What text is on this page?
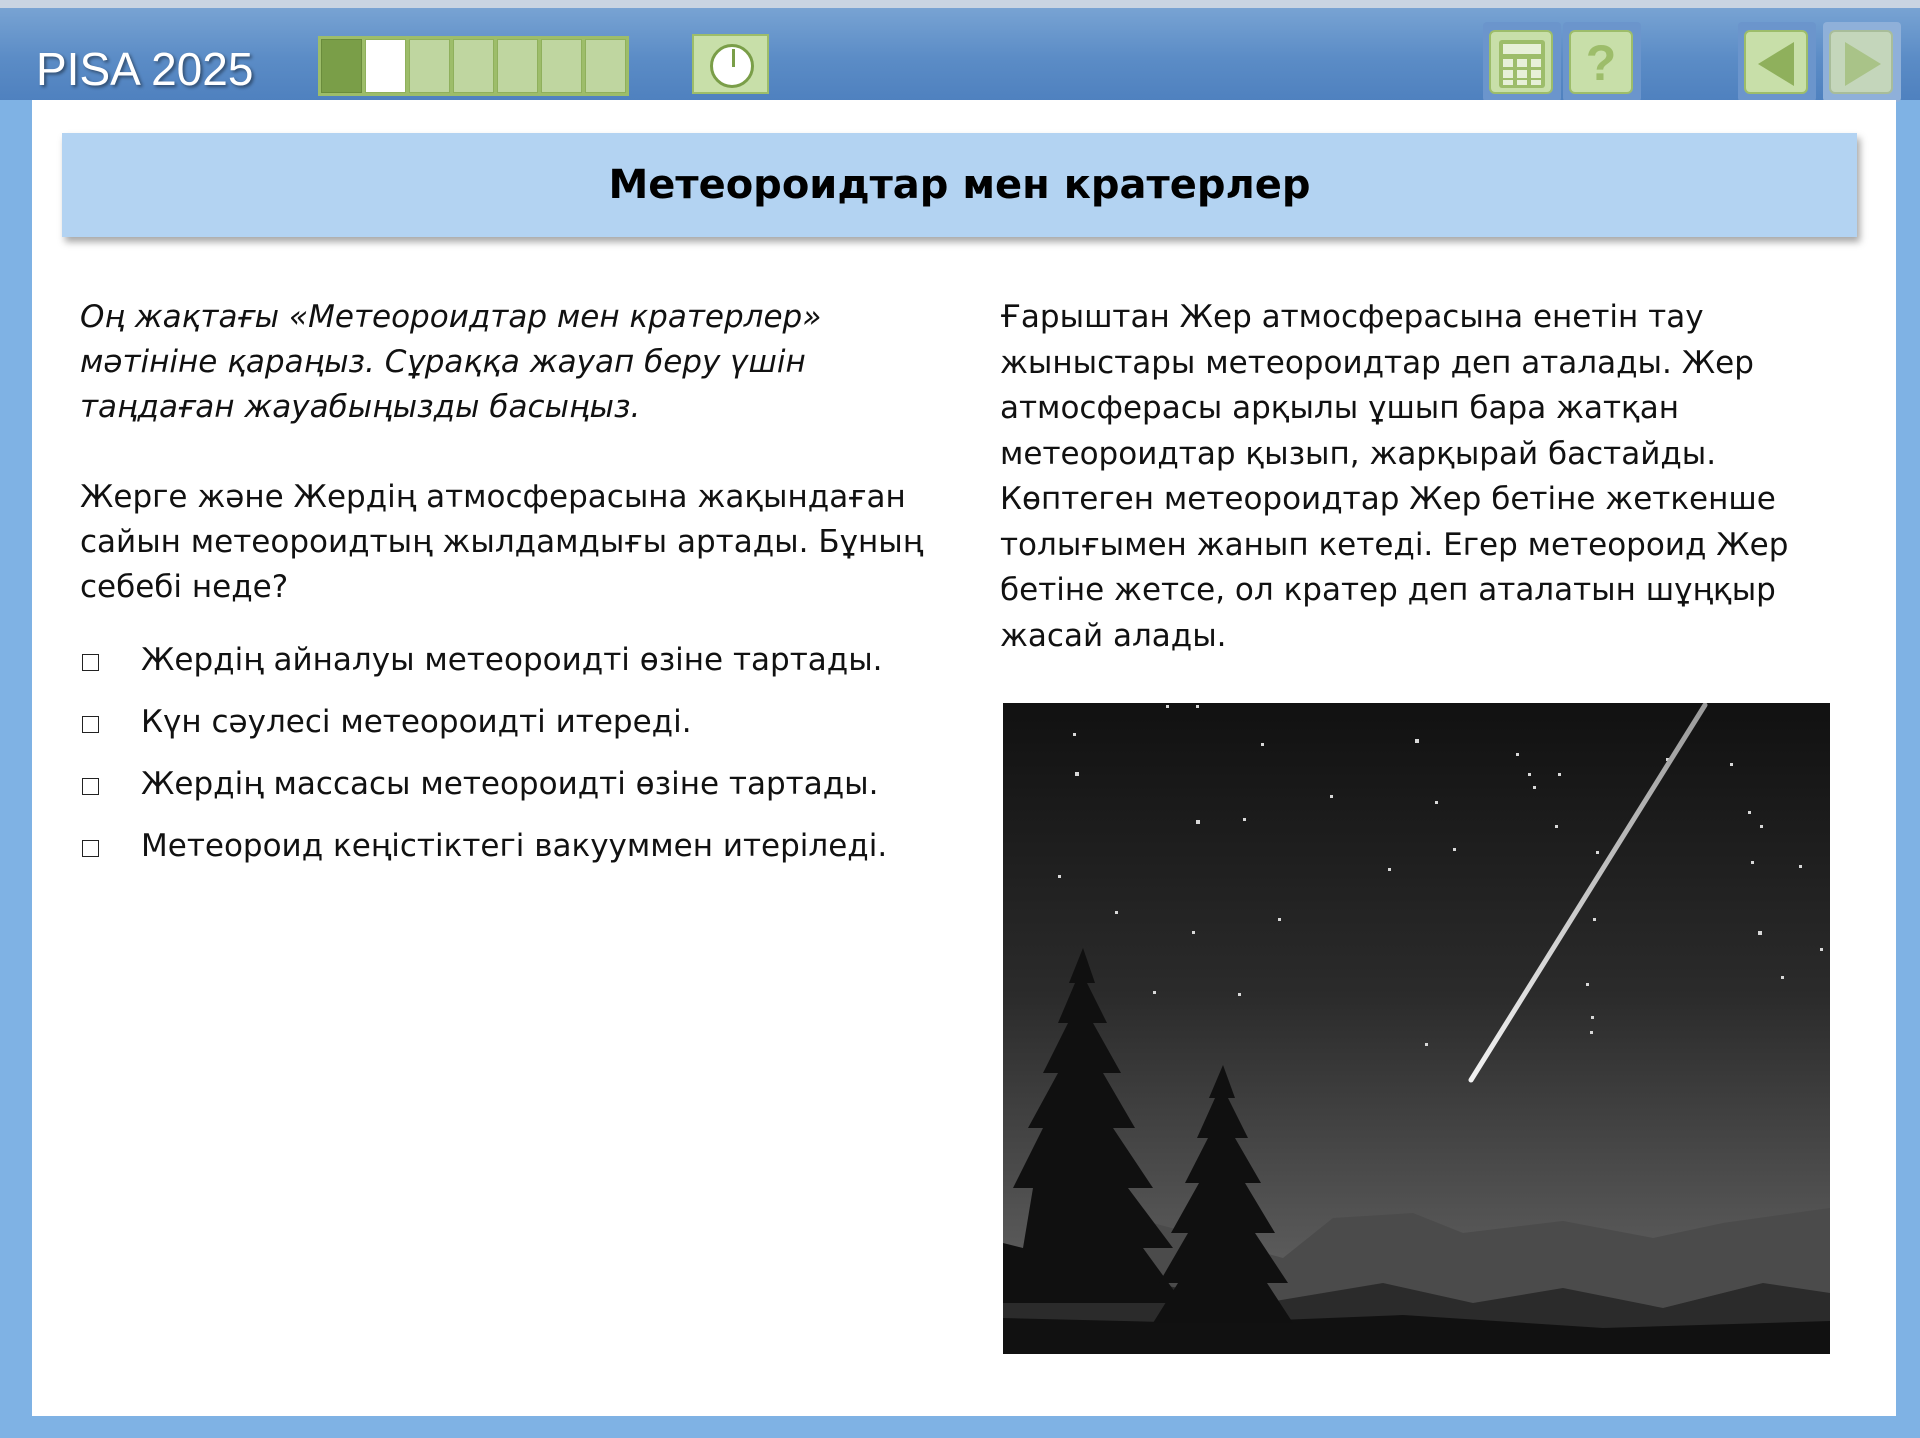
PISA 2025	?
Метеороидтар мен кратерлер
Оң жақтағы «Метеороидтар мен кратерлер»
мәтініне қараңыз. Сұраққа жауап беру үшін
таңдаған жауабыңызды басыңыз.
Жерге және Жердің атмосферасына жақындаған
сайын метеороидтың жылдамдығы артады. Бұның
себебі неде?
Жердің айналуы метеороидті өзіне тартады.
Күн сәулесі метеороидті итереді.
Жердің массасы метеороидті өзіне тартады.
Метеороид кеңістіктегі вакууммен итеріледі.
Ғарыштан Жер атмосферасына енетін тау
жыныстары метеороидтар деп аталады. Жер
атмосферасы арқылы ұшып бара жатқан
метеороидтар қызып, жарқырай бастайды.
Көптеген метеороидтар Жер бетіне жеткенше
толығымен жанып кетеді. Егер метеороид Жер
бетіне жетсе, ол кратер деп аталатын шұңқыр
жасай алады.
